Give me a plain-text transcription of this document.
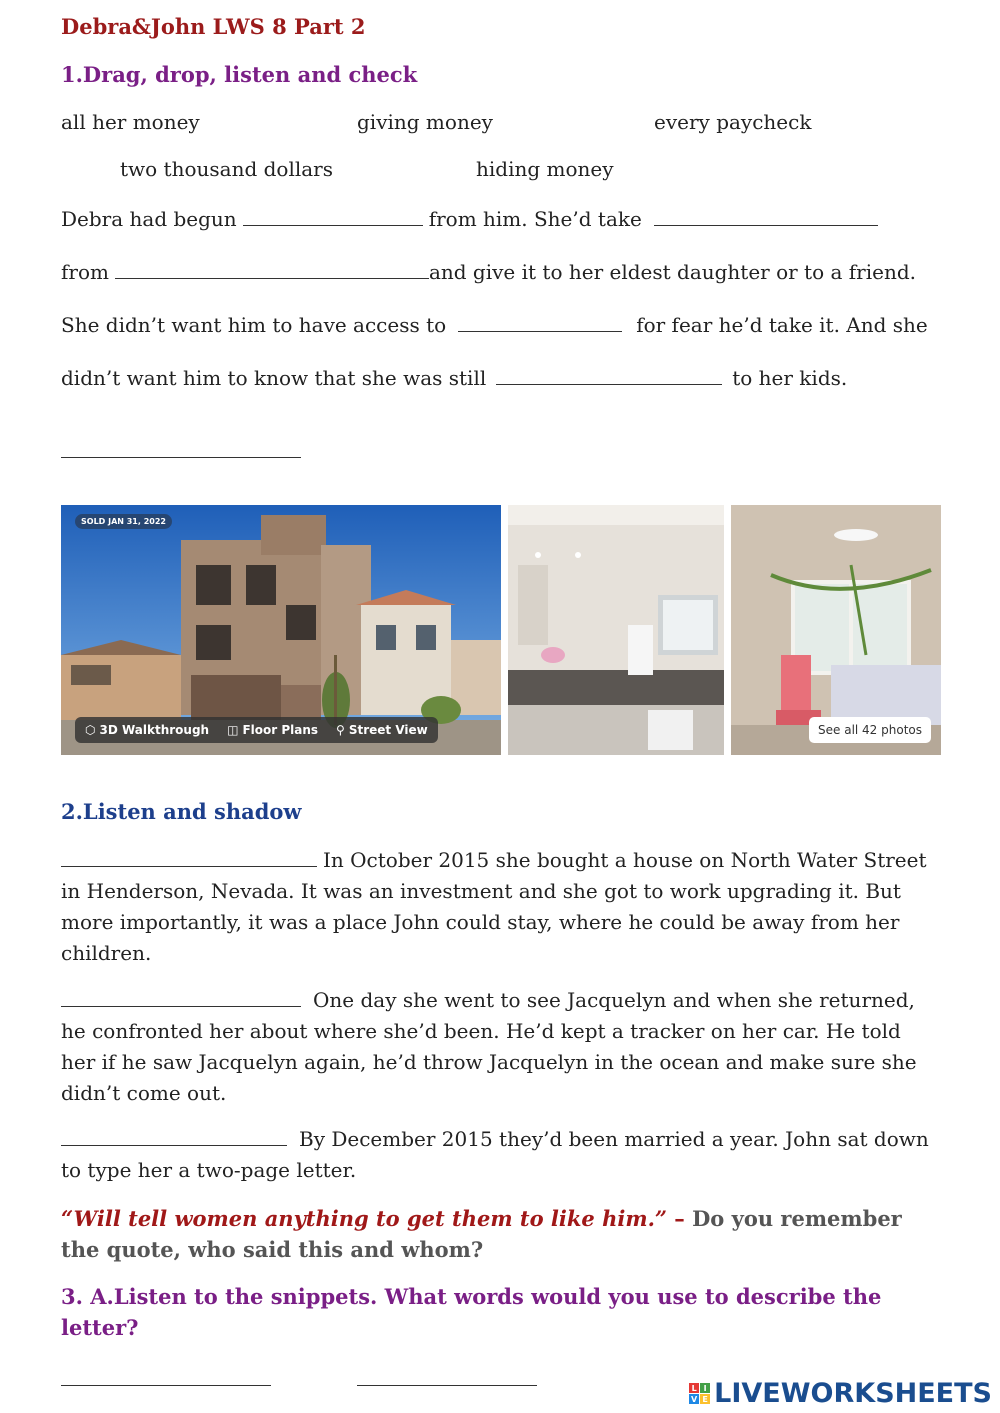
Debra&John LWS 8 Part 2
1.Drag, drop, listen and check
all her money	giving money	every paycheck
two thousand dollars	hiding money
Debra had begun	from him. She’d take
from	and give it to her eldest daughter or to a friend.
She didn’t want him to have access to	for fear he’d take it. And she
didn’t want him to know that she was still	to her kids.
SOLD JAN 31, 2022
⬡ 3D Walkthrough ◫ Floor Plans ⚲ Street View	See all 42 photos
2.Listen and shadow
In October 2015 she bought a house on North Water Street in Henderson, Nevada. It was an investment and she got to work upgrading it. But more importantly, it was a place John could stay, where he could be away from her children.
One day she went to see Jacquelyn and when she returned, he confronted her about where she’d been. He’d kept a tracker on her car. He told her if he saw Jacquelyn again, he’d throw Jacquelyn in the ocean and make sure she didn’t come out.
By December 2015 they’d been married a year. John sat down to type her a two-page letter.
“Will tell women anything to get them to like him.” – Do you remember the quote, who said this and whom?
3. A.Listen to the snippets. What words would you use to describe the letter?
L I
V E LIVEWORKSHEETS
